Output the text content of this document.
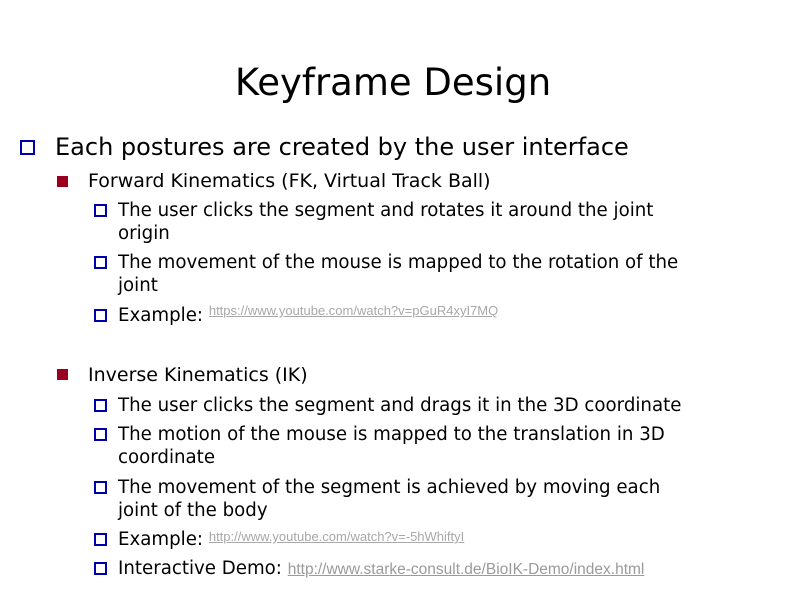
Keyframe Design
Each postures are created by the user interface
Forward Kinematics (FK, Virtual Track Ball)
The user clicks the segment and rotates it around the joint
origin
The movement of the mouse is mapped to the rotation of the
joint
Example: $^{https://www.youtube.com/watch?v=pGuR4xyI7MQ}$
Inverse Kinematics (IK)
The user clicks the segment and drags it in the 3D coordinate
The motion of the mouse is mapped to the translation in 3D
coordinate
The movement of the segment is achieved by moving each
joint of the body
Example: $^{http://www.youtube.com/watch?v=-5hWhiftyI}$
Interactive Demo: http://www.starke-consult.de/BioIK-Demo/index.html
